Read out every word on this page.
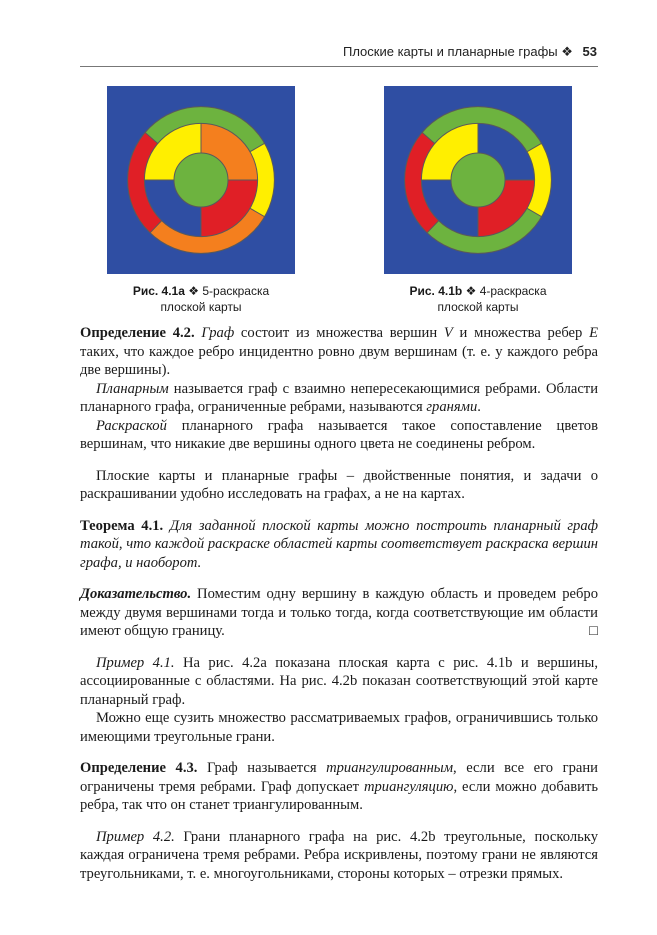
Плоские карты и планарные графы ❖ 53
Рис. 4.1a ❖ 5-раскраска
плоской карты
Рис. 4.1b ❖ 4-раскраска
плоской карты

Определение 4.2. Граф состоит из множества вершин V и множества ребер E таких, что каждое ребро инцидентно ровно двум вершинам (т. е. у каждого ребра две вершины).

Планарным называется граф с взаимно непересекающимися ребрами. Области планарного графа, ограниченные ребрами, называются гранями.

Раскраской планарного графа называется такое сопоставление цветов вершинам, что никакие две вершины одного цвета не соединены ребром.

Плоские карты и планарные графы – двойственные понятия, и задачи о раскрашивании удобно исследовать на графах, а не на картах.

Теорема 4.1. Для заданной плоской карты можно построить планарный граф такой, что каждой раскраске областей карты соответствует раскраска вершин графа, и наоборот.

Доказательство. Поместим одну вершину в каждую область и проведем ребро между двумя вершинами тогда и только тогда, когда соответствующие им области имеют общую границу.	□

Пример 4.1. На рис. 4.2a показана плоская карта с рис. 4.1b и вершины, ассоциированные с областями. На рис. 4.2b показан соответствующий этой карте планарный граф.

Можно еще сузить множество рассматриваемых графов, ограничившись только имеющими треугольные грани.

Определение 4.3. Граф называется триангулированным, если все его грани ограничены тремя ребрами. Граф допускает триангуляцию, если можно добавить ребра, так что он станет триангулированным.

Пример 4.2. Грани планарного графа на рис. 4.2b треугольные, поскольку каждая ограничена тремя ребрами. Ребра искривлены, поэтому грани не являются треугольниками, т. е. многоугольниками, стороны которых – отрезки прямых.
